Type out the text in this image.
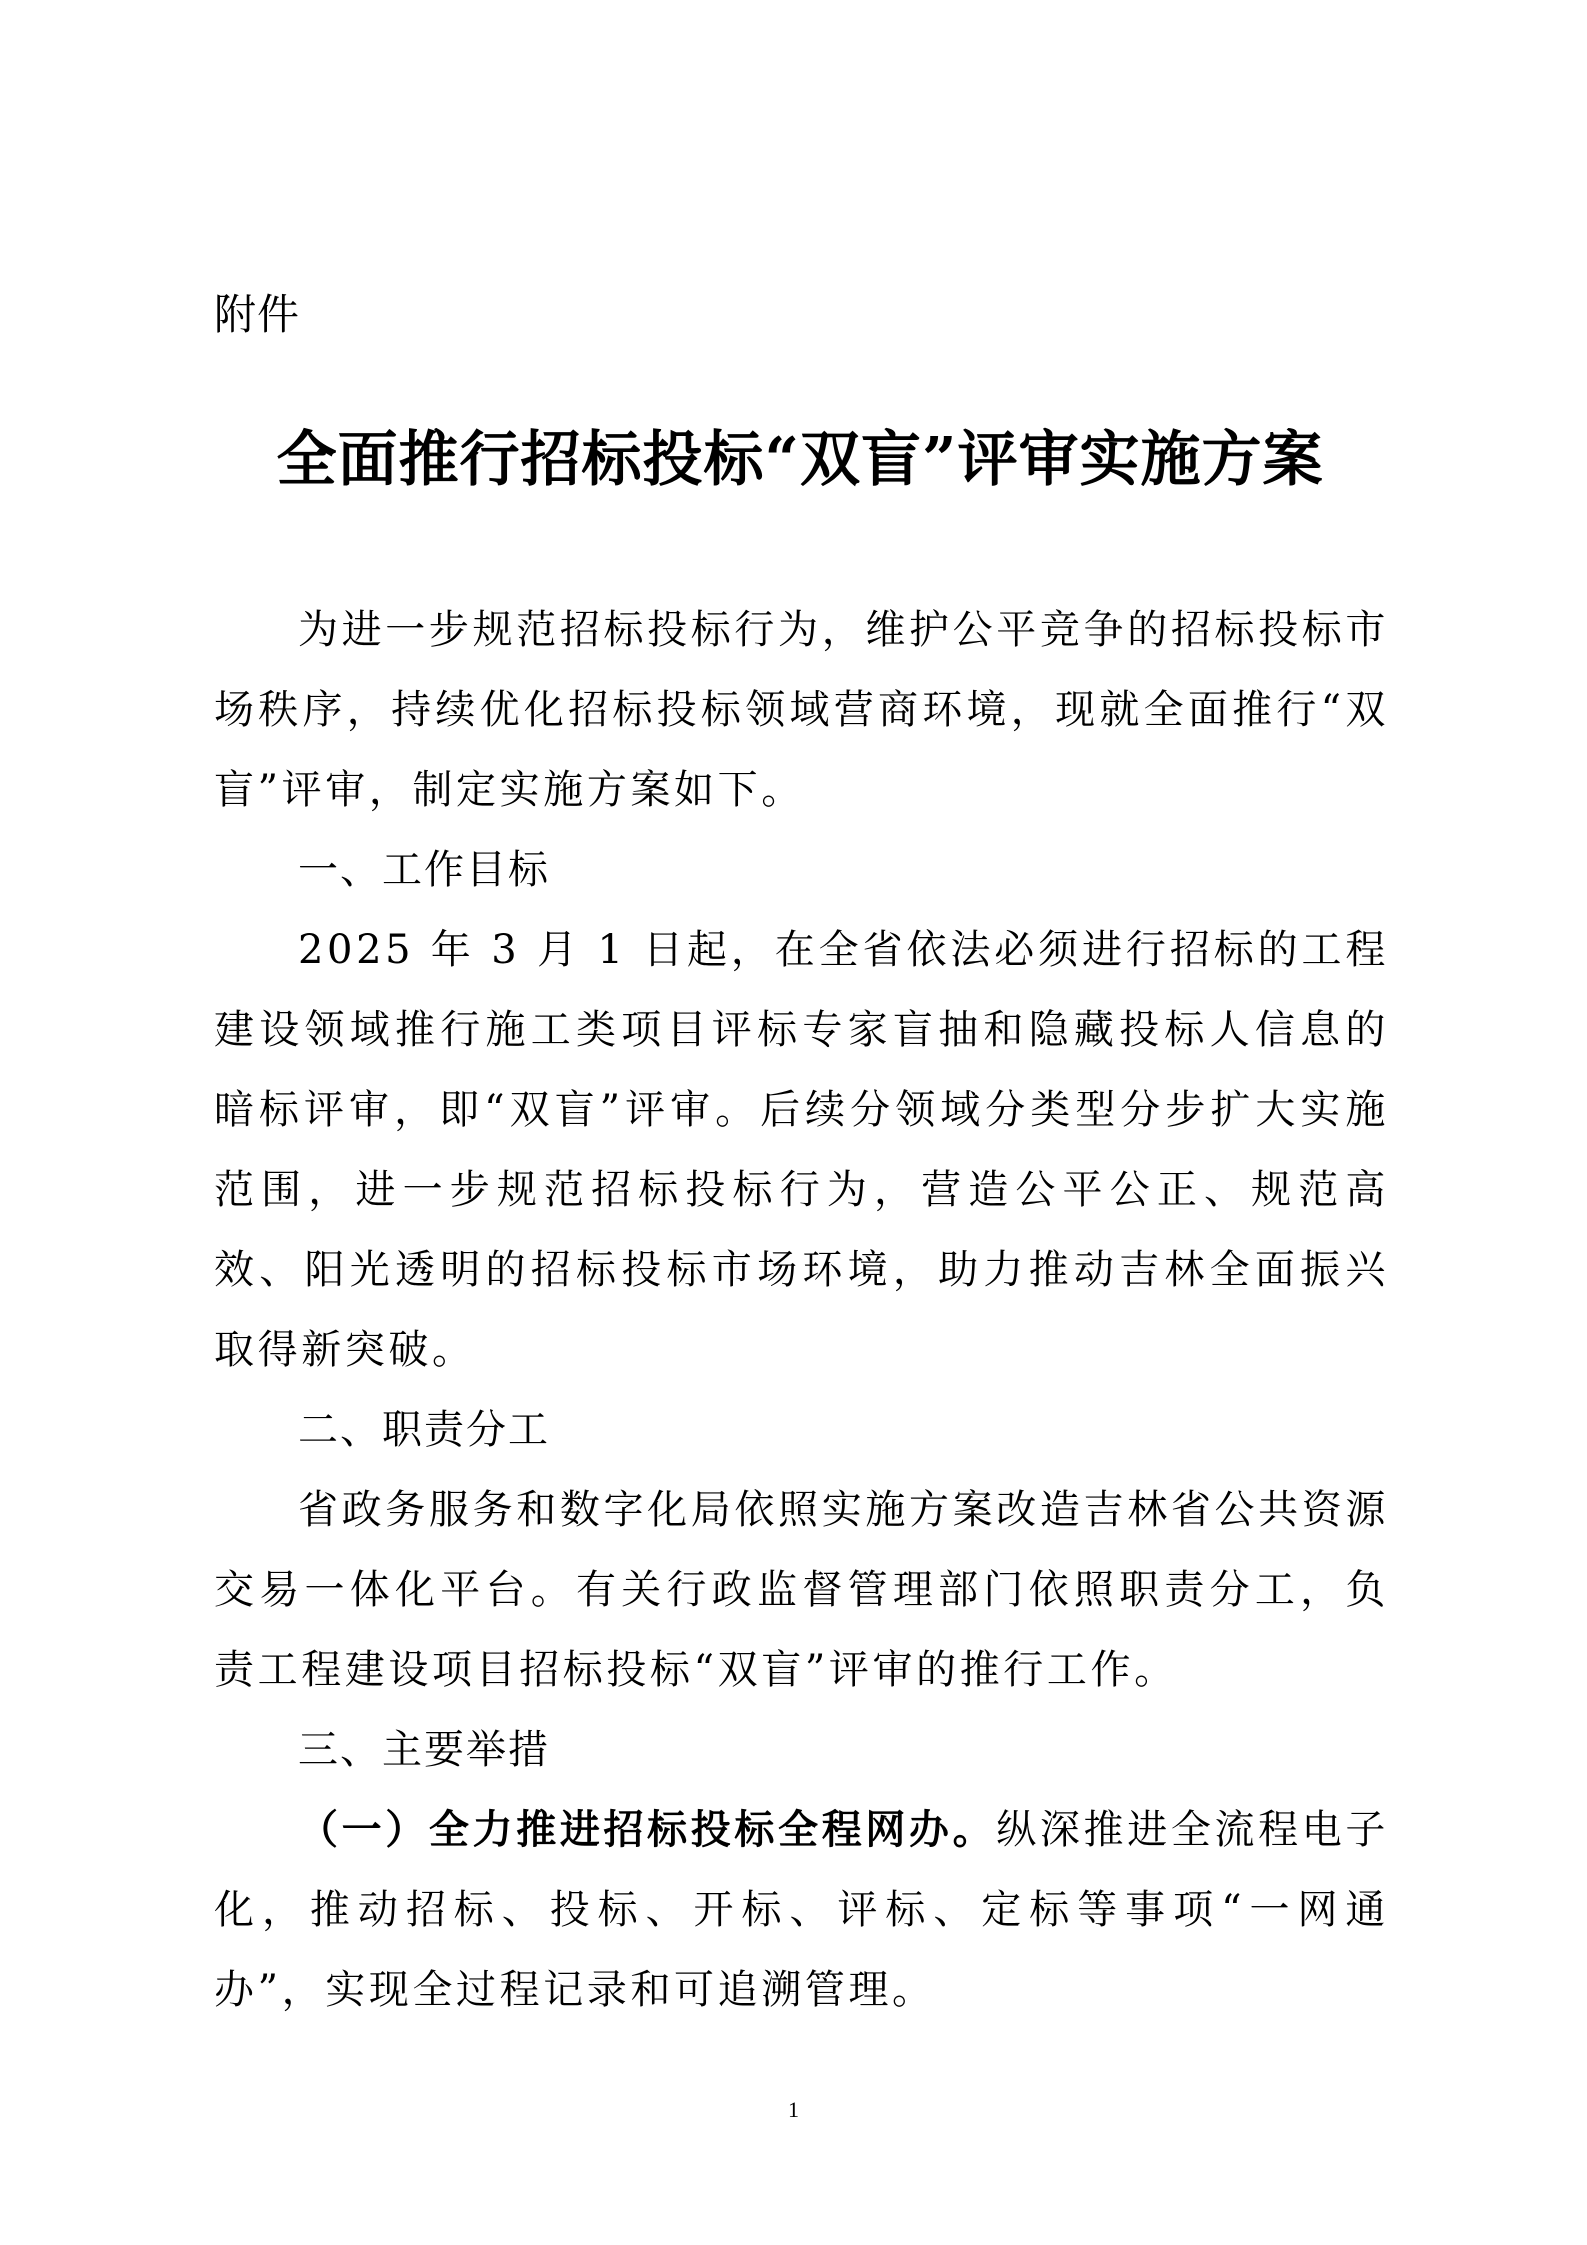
附件
全面推行招标投标“双盲”评审实施方案

为进一步规范招标投标行为，维护公平竞争的招标投标市场秩序，持续优化招标投标领域营商环境，现就全面推行“双盲”评审，制定实施方案如下。

一、工作目标

2025 年 3 月 1 日起，在全省依法必须进行招标的工程建设领域推行施工类项目评标专家盲抽和隐藏投标人信息的暗标评审，即“双盲”评审。后续分领域分类型分步扩大实施范围，进一步规范招标投标行为，营造公平公正、规范高效、阳光透明的招标投标市场环境，助力推动吉林全面振兴取得新突破。

二、职责分工

省政务服务和数字化局依照实施方案改造吉林省公共资源交易一体化平台。有关行政监督管理部门依照职责分工，负责工程建设项目招标投标“双盲”评审的推行工作。

三、主要举措

（一）全力推进招标投标全程网办。纵深推进全流程电子化，推动招标、投标、开标、评标、定标等事项“一网通办”，实现全过程记录和可追溯管理。

1
